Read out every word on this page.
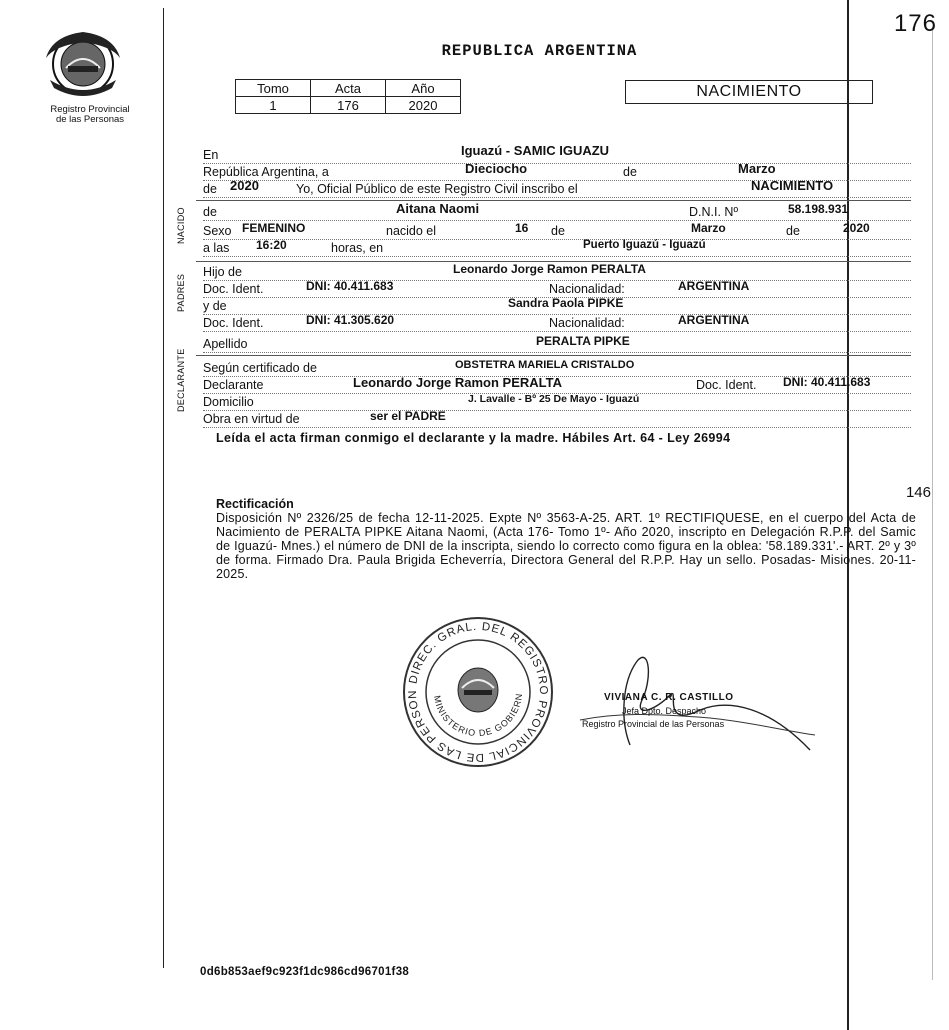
Registro Provincial
de las Personas
176
REPUBLICA ARGENTINA
Tomo	Acta	Año
1	176	2020
NACIMIENTO
NACIDO
PADRES
DECLARANTE
En	Iguazú - SAMIC IGUAZU
República Argentina, a	Dieciocho	de	Marzo
de 2020	Yo, Oficial Público de este Registro Civil inscribo el	NACIMIENTO
de	Aitana Naomi	D.N.I. Nº	58.198.931
Sexo FEMENINO	nacido el	16 de	Marzo	de	2020
a las 16:20	horas, en	Puerto Iguazú - Iguazú
Hijo de	Leonardo Jorge Ramon PERALTA
Doc. Ident.	DNI: 40.411.683	Nacionalidad:	ARGENTINA
y de	Sandra Paola PIPKE
Doc. Ident.	DNI: 41.305.620	Nacionalidad:	ARGENTINA
Apellido	PERALTA PIPKE
Según certificado de	OBSTETRA MARIELA CRISTALDO
Declarante	Leonardo Jorge Ramon PERALTA	Doc. Ident. DNI: 40.411.683
Domicilio	J. Lavalle - Bº 25 De Mayo - Iguazú
Obra en virtud de	ser el PADRE
Leída el acta firman conmigo el declarante y la madre. Hábiles Art. 64 - Ley 26994
146
Rectificación
Disposición Nº 2326/25 de fecha 12-11-2025. Expte Nº 3563-A-25. ART. 1º RECTIFIQUESE, en el cuerpo del Acta de Nacimiento de PERALTA PIPKE Aitana Naomi, (Acta 176- Tomo 1º- Año 2020, inscripto en Delegación R.P.P. del Samic de Iguazú- Mnes.) el número de DNI de la inscripta, siendo lo correcto como figura en la oblea: '58.189.331'.- ART. 2º y 3º de forma. Firmado Dra. Paula Brigida Echeverría, Directora General del R.P.P. Hay un sello. Posadas- Misiones. 20-11-2025.
DIREC. GRAL. DEL REGISTRO PROVINCIAL DE LAS PERSON
MINISTERIO DE GOBIERN	VIVIANA C. R. CASTILLO
Jefa Dpto. Despacho
Registro Provincial de las Personas
0d6b853aef9c923f1dc986cd96701f38
